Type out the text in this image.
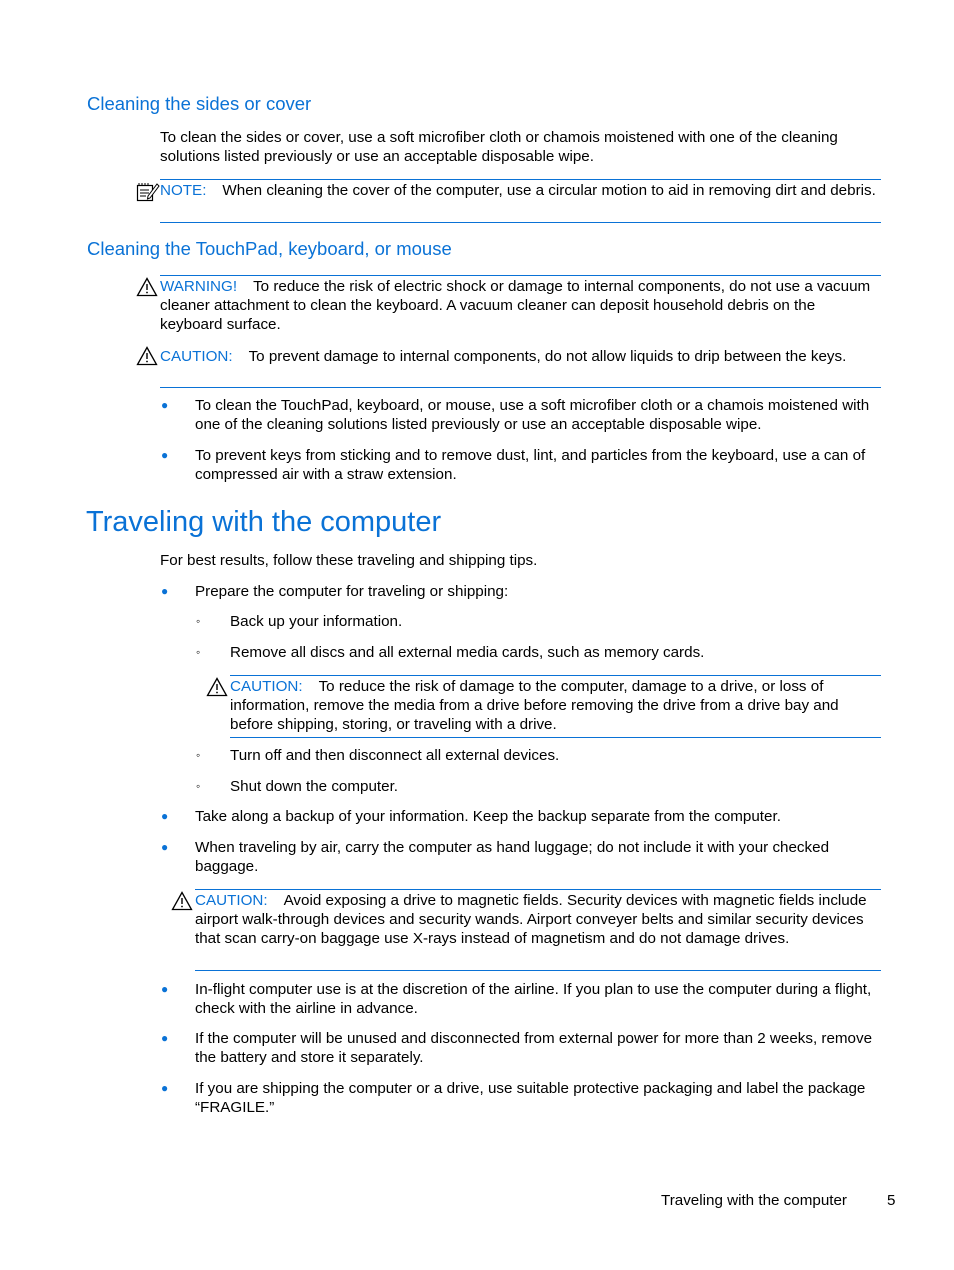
Cleaning the sides or cover

To clean the sides or cover, use a soft microfiber cloth or chamois moistened with one of the cleaning solutions listed previously or use an acceptable disposable wipe.

NOTE: When cleaning the cover of the computer, use a circular motion to aid in removing dirt and debris.
Cleaning the TouchPad, keyboard, or mouse
WARNING! To reduce the risk of electric shock or damage to internal components, do not use a vacuum cleaner attachment to clean the keyboard. A vacuum cleaner can deposit household debris on the keyboard surface.
CAUTION: To prevent damage to internal components, do not allow liquids to drip between the keys.
● To clean the TouchPad, keyboard, or mouse, use a soft microfiber cloth or a chamois moistened with one of the cleaning solutions listed previously or use an acceptable disposable wipe.

● To prevent keys from sticking and to remove dust, lint, and particles from the keyboard, use a can of compressed air with a straw extension.

Traveling with the computer

For best results, follow these traveling and shipping tips.

● Prepare the computer for traveling or shipping:

◦ Back up your information.

◦ Remove all discs and all external media cards, such as memory cards.

CAUTION: To reduce the risk of damage to the computer, damage to a drive, or loss of information, remove the media from a drive before removing the drive from a drive bay and before shipping, storing, or traveling with a drive.
◦ Turn off and then disconnect all external devices.

◦ Shut down the computer.

● Take along a backup of your information. Keep the backup separate from the computer.

● When traveling by air, carry the computer as hand luggage; do not include it with your checked baggage.

CAUTION: Avoid exposing a drive to magnetic fields. Security devices with magnetic fields include airport walk-through devices and security wands. Airport conveyer belts and similar security devices that scan carry-on baggage use X-rays instead of magnetism and do not damage drives.
● In-flight computer use is at the discretion of the airline. If you plan to use the computer during a flight, check with the airline in advance.

● If the computer will be unused and disconnected from external power for more than 2 weeks, remove the battery and store it separately.

● If you are shipping the computer or a drive, use suitable protective packaging and label the package “FRAGILE.”

Traveling with the computer	5
